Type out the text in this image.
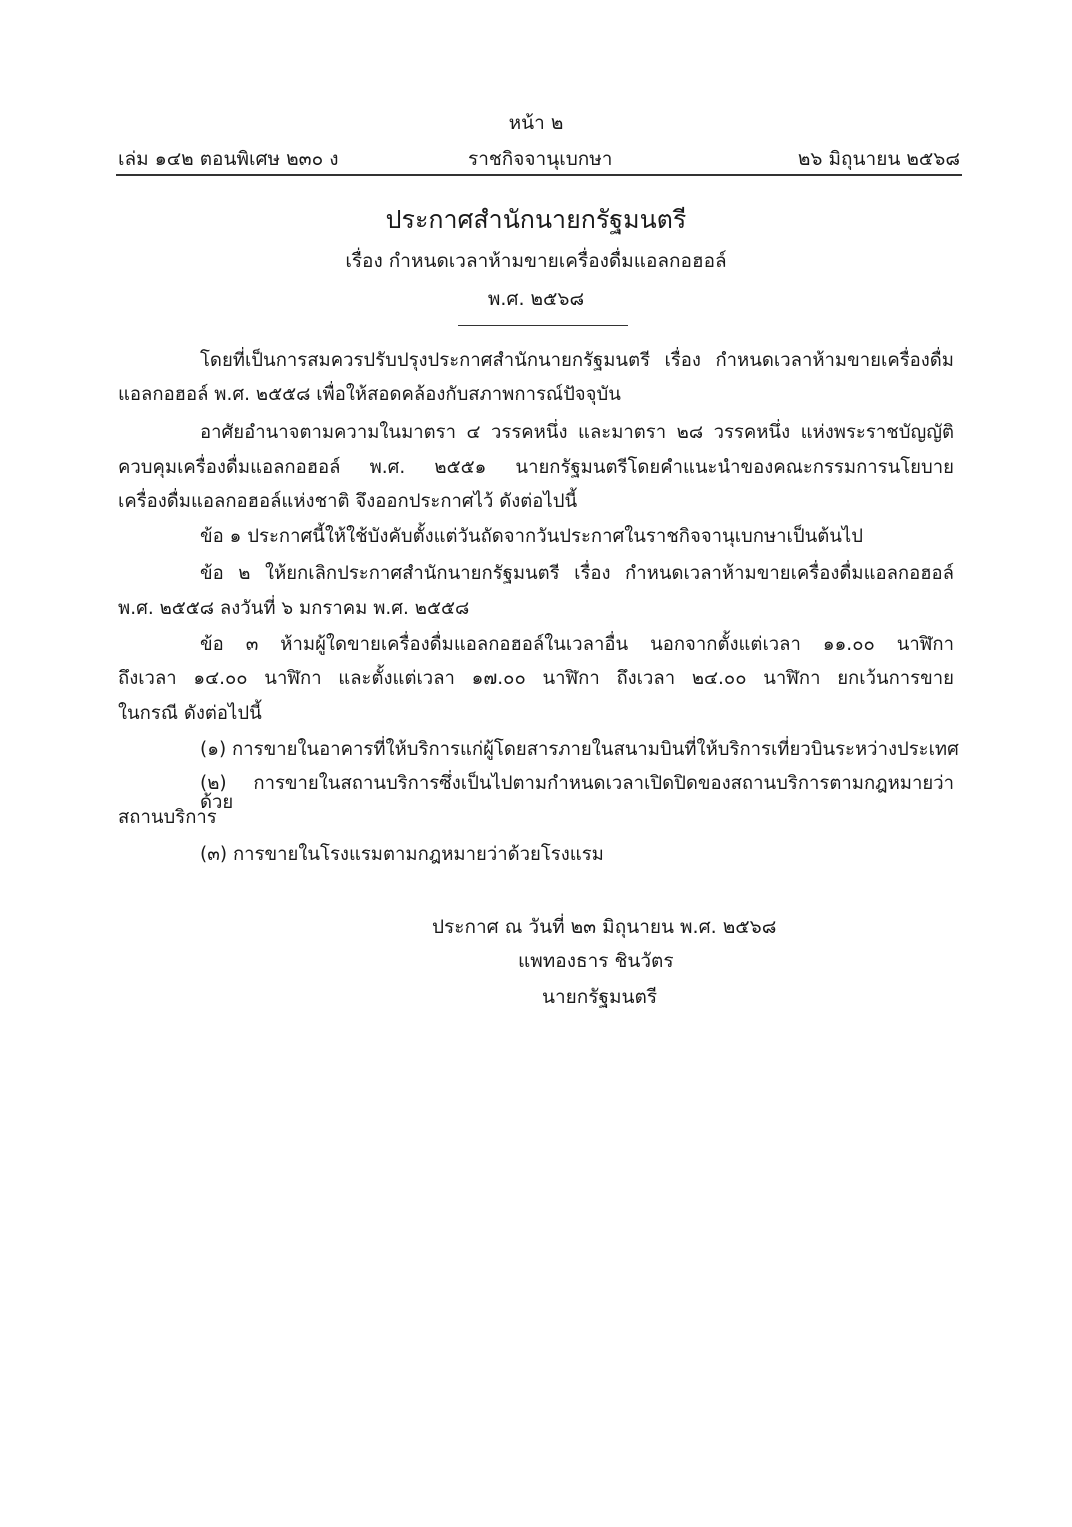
หน้า ๒
เล่ม ๑๔๒ ตอนพิเศษ ๒๓๐ ง	ราชกิจจานุเบกษา	๒๖ มิถุนายน ๒๕๖๘
ประกาศสำนักนายกรัฐมนตรี
เรื่อง กำหนดเวลาห้ามขายเครื่องดื่มแอลกอฮอล์
พ.ศ. ๒๕๖๘
โดยที่เป็นการสมควรปรับปรุงประกาศสำนักนายกรัฐมนตรี เรื่อง กำหนดเวลาห้ามขายเครื่องดื่ม
แอลกอฮอล์ พ.ศ. ๒๕๕๘ เพื่อให้สอดคล้องกับสภาพการณ์ปัจจุบัน
อาศัยอำนาจตามความในมาตรา ๔ วรรคหนึ่ง และมาตรา ๒๘ วรรคหนึ่ง แห่งพระราชบัญญัติ
ควบคุมเครื่องดื่มแอลกอฮอล์ พ.ศ. ๒๕๕๑ นายกรัฐมนตรีโดยคำแนะนำของคณะกรรมการนโยบาย
เครื่องดื่มแอลกอฮอล์แห่งชาติ จึงออกประกาศไว้ ดังต่อไปนี้
ข้อ ๑ ประกาศนี้ให้ใช้บังคับตั้งแต่วันถัดจากวันประกาศในราชกิจจานุเบกษาเป็นต้นไป
ข้อ ๒ ให้ยกเลิกประกาศสำนักนายกรัฐมนตรี เรื่อง กำหนดเวลาห้ามขายเครื่องดื่มแอลกอฮอล์
พ.ศ. ๒๕๕๘ ลงวันที่ ๖ มกราคม พ.ศ. ๒๕๕๘
ข้อ ๓ ห้ามผู้ใดขายเครื่องดื่มแอลกอฮอล์ในเวลาอื่น นอกจากตั้งแต่เวลา ๑๑.๐๐ นาฬิกา
ถึงเวลา ๑๔.๐๐ นาฬิกา และตั้งแต่เวลา ๑๗.๐๐ นาฬิกา ถึงเวลา ๒๔.๐๐ นาฬิกา ยกเว้นการขาย
ในกรณี ดังต่อไปนี้
(๑) การขายในอาคารที่ให้บริการแก่ผู้โดยสารภายในสนามบินที่ให้บริการเที่ยวบินระหว่างประเทศ
(๒) การขายในสถานบริการซึ่งเป็นไปตามกำหนดเวลาเปิดปิดของสถานบริการตามกฎหมายว่าด้วย
สถานบริการ
(๓) การขายในโรงแรมตามกฎหมายว่าด้วยโรงแรม
ประกาศ ณ วันที่ ๒๓ มิถุนายน พ.ศ. ๒๕๖๘
แพทองธาร ชินวัตร
นายกรัฐมนตรี
